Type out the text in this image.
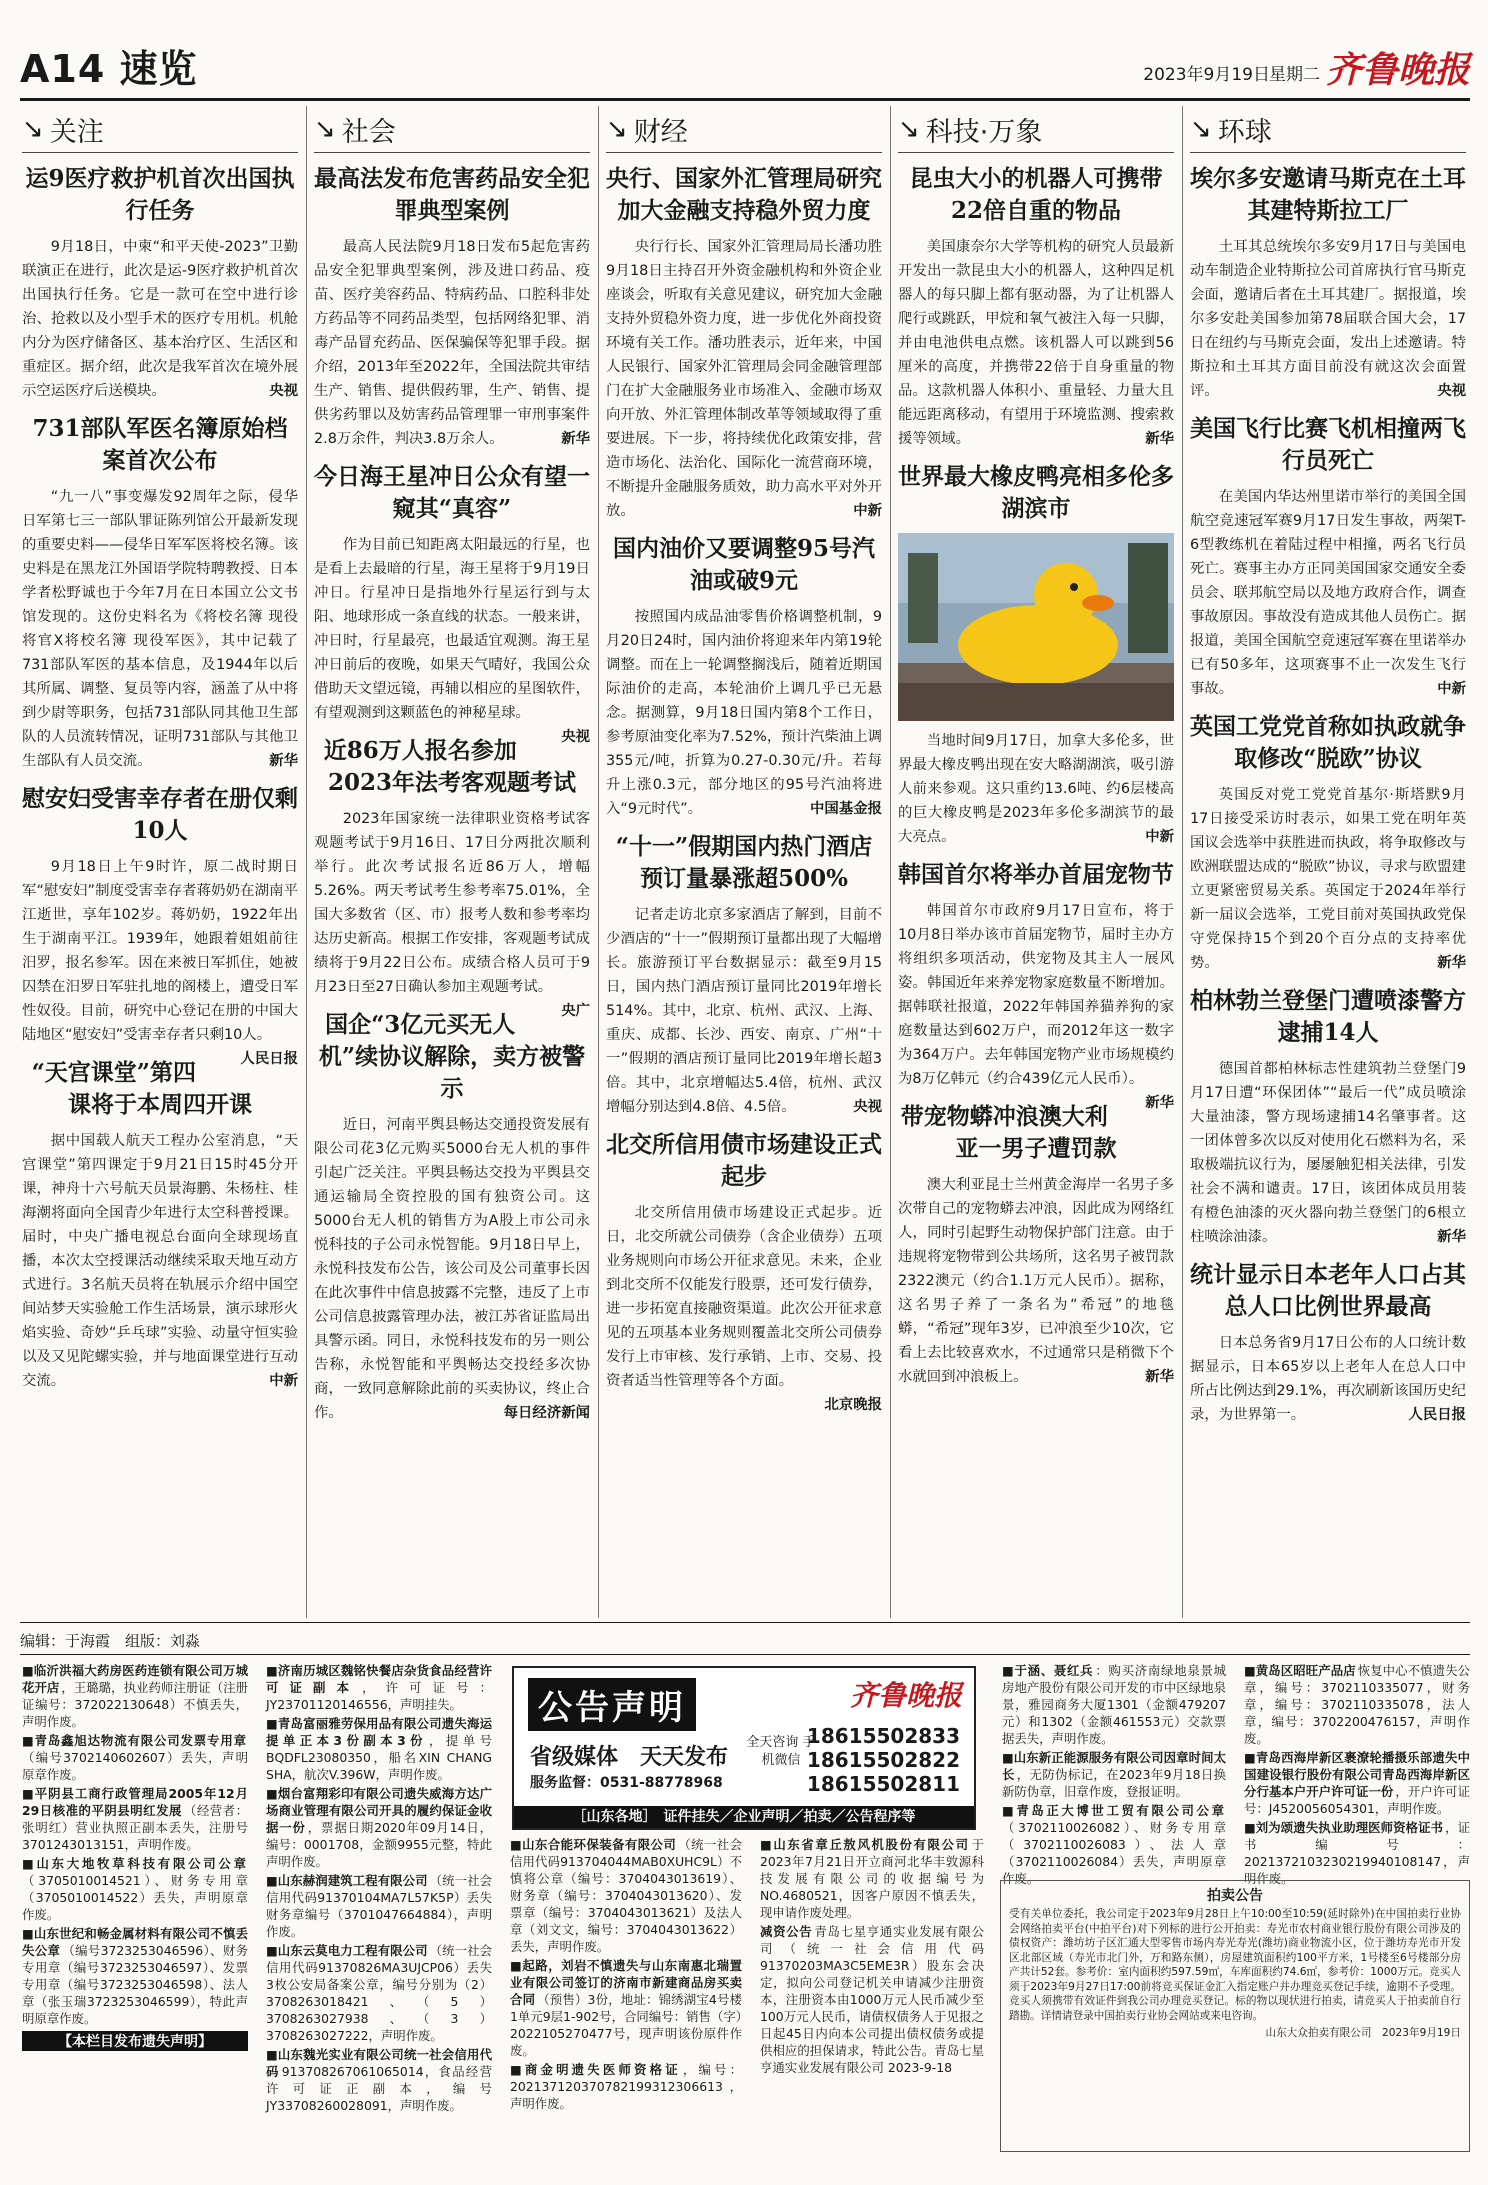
A14 速览	2023年9月19日 星期二 齐鲁晚报
↘ 关注
运9医疗救护机首次出国执行任务

9月18日，中柬“和平天使-2023”卫勤联演正在进行，此次是运-9医疗救护机首次出国执行任务。它是一款可在空中进行诊治、抢救以及小型手术的医疗专用机。机舱内分为医疗储备区、基本治疗区、生活区和重症区。据介绍，此次是我军首次在境外展示空运医疗后送模块。	央视

731部队军医名簿原始档案首次公布

“九一八”事变爆发92周年之际，侵华日军第七三一部队罪证陈列馆公开最新发现的重要史料——侵华日军军医将校名簿。该史料是在黑龙江外国语学院特聘教授、日本学者松野诚也于今年7月在日本国立公文书馆发现的。这份史料名为《将校名簿 现役将官X将校名簿 现役军医》，其中记载了731部队军医的基本信息，及1944年以后其所属、调整、复员等内容，涵盖了从中将到少尉等职务，包括731部队同其他卫生部队的人员流转情况，证明731部队与其他卫生部队有人员交流。	新华

慰安妇受害幸存者在册仅剩10人

9月18日上午9时许，原二战时期日军“慰安妇”制度受害幸存者蒋奶奶在湖南平江逝世，享年102岁。蒋奶奶，1922年出生于湖南平江。1939年，她跟着姐姐前往汨罗，报名参军。因在来被日军抓住，她被囚禁在汨罗日军驻扎地的阁楼上，遭受日军性奴役。目前，研究中心登记在册的中国大陆地区“慰安妇”受害幸存者只剩10人。
人民日报

“天宫课堂”第四课将于本周四开课

据中国载人航天工程办公室消息，“天宫课堂”第四课定于9月21日15时45分开课，神舟十六号航天员景海鹏、朱杨柱、桂海潮将面向全国青少年进行太空科普授课。届时，中央广播电视总台面向全球现场直播，本次太空授课活动继续采取天地互动方式进行。3名航天员将在轨展示介绍中国空间站梦天实验舱工作生活场景，演示球形火焰实验、奇妙“乒乓球”实验、动量守恒实验以及又见陀螺实验，并与地面课堂进行互动交流。	中新

↘ 社会
最高法发布危害药品安全犯罪典型案例

最高人民法院9月18日发布5起危害药品安全犯罪典型案例，涉及进口药品、疫苗、医疗美容药品、特病药品、口腔科非处方药品等不同药品类型，包括网络犯罪、消毒产品冒充药品、医保骗保等犯罪手段。据介绍，2013年至2022年，全国法院共审结生产、销售、提供假药罪，生产、销售、提供劣药罪以及妨害药品管理罪一审刑事案件2.8万余件，判决3.8万余人。	新华

今日海王星冲日公众有望一窥其“真容”

作为目前已知距离太阳最远的行星，也是看上去最暗的行星，海王星将于9月19日冲日。行星冲日是指地外行星运行到与太阳、地球形成一条直线的状态。一般来讲，冲日时，行星最亮，也最适宜观测。海王星冲日前后的夜晚，如果天气晴好，我国公众借助天文望远镜，再辅以相应的星图软件，有望观测到这颗蓝色的神秘星球。
央视

近86万人报名参加2023年法考客观题考试

2023年国家统一法律职业资格考试客观题考试于9月16日、17日分两批次顺利举行。此次考试报名近86万人，增幅5.26%。两天考试考生参考率75.01%，全国大多数省（区、市）报考人数和参考率均达历史新高。根据工作安排，客观题考试成绩将于9月22日公布。成绩合格人员可于9月23日至27日确认参加主观题考试。
央广

国企“3亿元买无人机”续协议解除，卖方被警示

近日，河南平舆县畅达交通投资发展有限公司花3亿元购买5000台无人机的事件引起广泛关注。平舆县畅达交投为平舆县交通运输局全资控股的国有独资公司。这5000台无人机的销售方为A股上市公司永悦科技的子公司永悦智能。9月18日早上，永悦科技发布公告，该公司及公司董事长因在此次事件中信息披露不完整，违反了上市公司信息披露管理办法，被江苏省证监局出具警示函。同日，永悦科技发布的另一则公告称，永悦智能和平舆畅达交投经多次协商，一致同意解除此前的买卖协议，终止合作。	每日经济新闻

↘ 财经
央行、国家外汇管理局研究加大金融支持稳外贸力度

央行行长、国家外汇管理局局长潘功胜9月18日主持召开外资金融机构和外资企业座谈会，听取有关意见建议，研究加大金融支持外贸稳外资力度，进一步优化外商投资环境有关工作。潘功胜表示，近年来，中国人民银行、国家外汇管理局会同金融管理部门在扩大金融服务业市场准入、金融市场双向开放、外汇管理体制改革等领域取得了重要进展。下一步，将持续优化政策安排，营造市场化、法治化、国际化一流营商环境，不断提升金融服务质效，助力高水平对外开放。	中新

国内油价又要调整95号汽油或破9元

按照国内成品油零售价格调整机制，9月20日24时，国内油价将迎来年内第19轮调整。而在上一轮调整搁浅后，随着近期国际油价的走高，本轮油价上调几乎已无悬念。据测算，9月18日国内第8个工作日，参考原油变化率为7.52%，预计汽柴油上调355元/吨，折算为0.27-0.30元/升。若每升上涨0.3元，部分地区的95号汽油将进入“9元时代”。	中国基金报

“十一”假期国内热门酒店预订量暴涨超500%

记者走访北京多家酒店了解到，目前不少酒店的“十一”假期预订量都出现了大幅增长。旅游预订平台数据显示：截至9月15日，国内热门酒店预订量同比2019年增长514%。其中，北京、杭州、武汉、上海、重庆、成都、长沙、西安、南京、广州“十一”假期的酒店预订量同比2019年增长超3倍。其中，北京增幅达5.4倍，杭州、武汉增幅分别达到4.8倍、4.5倍。	央视

北交所信用债市场建设正式起步

北交所信用债市场建设正式起步。近日，北交所就公司债券（含企业债券）五项业务规则向市场公开征求意见。未来，企业到北交所不仅能发行股票，还可发行债券，进一步拓宽直接融资渠道。此次公开征求意见的五项基本业务规则覆盖北交所公司债券发行上市审核、发行承销、上市、交易、投资者适当性管理等各个方面。
北京晚报

↘ 科技·万象
昆虫大小的机器人可携带22倍自重的物品

美国康奈尔大学等机构的研究人员最新开发出一款昆虫大小的机器人，这种四足机器人的每只脚上都有驱动器，为了让机器人爬行或跳跃，甲烷和氧气被注入每一只脚，并由电池供电点燃。该机器人可以跳到56厘米的高度，并携带22倍于自身重量的物品。这款机器人体积小、重量轻、力量大且能远距离移动，有望用于环境监测、搜索救援等领域。	新华

世界最大橡皮鸭亮相多伦多湖滨市

当地时间9月17日，加拿大多伦多，世界最大橡皮鸭出现在安大略湖湖滨，吸引游人前来参观。这只重约13.6吨、约6层楼高的巨大橡皮鸭是2023年多伦多湖滨节的最大亮点。	中新

韩国首尔将举办首届宠物节

韩国首尔市政府9月17日宣布，将于10月8日举办该市首届宠物节，届时主办方将组织多项活动，供宠物及其主人一展风姿。韩国近年来养宠物家庭数量不断增加。据韩联社报道，2022年韩国养猫养狗的家庭数量达到602万户，而2012年这一数字为364万户。去年韩国宠物产业市场规模约为8万亿韩元（约合439亿元人民币）。
新华

带宠物蟒冲浪澳大利亚一男子遭罚款

澳大利亚昆士兰州黄金海岸一名男子多次带自己的宠物蟒去冲浪，因此成为网络红人，同时引起野生动物保护部门注意。由于违规将宠物带到公共场所，这名男子被罚款2322澳元（约合1.1万元人民币）。据称，这名男子养了一条名为“希冠”的地毯蟒，“希冠”现年3岁，已冲浪至少10次，它看上去比较喜欢水，不过通常只是稍微下个水就回到冲浪板上。	新华

↘ 环球
埃尔多安邀请马斯克在土耳其建特斯拉工厂

土耳其总统埃尔多安9月17日与美国电动车制造企业特斯拉公司首席执行官马斯克会面，邀请后者在土耳其建厂。据报道，埃尔多安赴美国参加第78届联合国大会，17日在纽约与马斯克会面，发出上述邀请。特斯拉和土耳其方面目前没有就这次会面置评。	央视

美国飞行比赛飞机相撞两飞行员死亡

在美国内华达州里诺市举行的美国全国航空竞速冠军赛9月17日发生事故，两架T-6型教练机在着陆过程中相撞，两名飞行员死亡。赛事主办方正同美国国家交通安全委员会、联邦航空局以及地方政府合作，调查事故原因。事故没有造成其他人员伤亡。据报道，美国全国航空竞速冠军赛在里诺举办已有50多年，这项赛事不止一次发生飞行事故。	中新

英国工党党首称如执政就争取修改“脱欧”协议

英国反对党工党党首基尔·斯塔默9月17日接受采访时表示，如果工党在明年英国议会选举中获胜进而执政，将争取修改与欧洲联盟达成的“脱欧”协议，寻求与欧盟建立更紧密贸易关系。英国定于2024年举行新一届议会选举，工党目前对英国执政党保守党保持15个到20个百分点的支持率优势。	新华

柏林勃兰登堡门遭喷漆警方逮捕14人

德国首都柏林标志性建筑勃兰登堡门9月17日遭“环保团体”“最后一代”成员喷涂大量油漆，警方现场逮捕14名肇事者。这一团体曾多次以反对使用化石燃料为名，采取极端抗议行为，屡屡触犯相关法律，引发社会不满和谴责。17日，该团体成员用装有橙色油漆的灭火器向勃兰登堡门的6根立柱喷涂油漆。	新华

统计显示日本老年人口占其总人口比例世界最高

日本总务省9月17日公布的人口统计数据显示，日本65岁以上老年人在总人口中所占比例达到29.1%，再次刷新该国历史纪录，为世界第一。	人民日报

编辑：于海霞　组版：刘淼

■临沂洪福大药房医药连锁有限公司万城花开店 ，王璐璐，执业药师注册证（注册证编号：372022130648）不慎丢失，声明作废。

■青岛鑫旭达物流有限公司发票专用章（编号3702140602607）丢失，声明原章作废。

■平阴县工商行政管理局2005年12月29日核准的平阴县明红发展 （经营者：张明红）营业执照正副本丢失，注册号3701243013151，声明作废。

■山东大地牧草科技有限公司公章（3705010014521）、财务专用章（3705010014522）丢失，声明原章作废。

■山东世纪和畅金属材料有限公司不慎丢失公章 （编号3723253046596）、财务专用章（编号3723253046597）、发票专用章（编号3723253046598）、法人章（张玉瑞3723253046599），特此声明原章作废。

【本栏目发布遗失声明】

■济南历城区魏铭快餐店杂货食品经营许可证副本 ，许可证号：JY23701120146556，声明挂失。

■青岛富丽雅劳保用品有限公司遗失海运提单正本3份副本3份 ，提单号BQDFL23080350，船名XIN CHANG SHA，航次V.396W，声明作废。

■烟台富翔彩印有限公司遗失威海方达广场商业管理有限公司开具的履约保证金收据一份 ，票据日期2020年09月14日，编号：0001708，金额9955元整，特此声明作废。

■山东赫润建筑工程有限公司 （统一社会信用代码91370104MA7L57K5P）丢失财务章编号（3701047664884），声明作废。

■山东云莫电力工程有限公司 （统一社会信用代码91370826MA3UJCP06）丢失3枚公安局备案公章，编号分别为（2）3708263018421、（5）3708263027938、（3）3708263027222，声明作废。

■山东魏光实业有限公司统一社会信用代码 913708267061065014，食品经营许可证正副本，编号JY33708260028091，声明作废。

■山东合能环保装备有限公司 （统一社会信用代码913704044MAB0XUHC9L）不慎将公章（编号：3704043013619）、财务章（编号：3704043013620）、发票章（编号：3704043013621）及法人章（刘文文，编号：3704043013622）丢失，声明作废。

■起路，刘岩不慎遗失与山东南惠北瑞置业有限公司签订的济南市新建商品房买卖合同 （预售）3份，地址：锦绣湖宝4号楼1单元9层1-902号，合同编号：销售（字）2022105270477号，现声明该份原件作废。

■商金明遗失医师资格证 ，编号：202137120370782199312306613，声明作废。

■山东省章丘敖风机股份有限公司 于2023年7月21日开立商河北华丰敦源科技发展有限公司的收据编号为NO.4680521，因客户原因不慎丢失，现申请作废处理。

减资公告 青岛七星亨通实业发展有限公司（统一社会信用代码91370203MA3C5EME3R）股东会决定，拟向公司登记机关申请减少注册资本，注册资本由1000万元人民币减少至100万元人民币，请债权债务人于见报之日起45日内向本公司提出债权债务或提供相应的担保请求，特此公告。青岛七星亨通实业发展有限公司 2023-9-18

■于涵、聂红兵 ：购买济南绿地泉景城房地产股份有限公司开发的市中区绿地泉景，雅园商务大厦1301（金额479207元）和1302（金额461553元）交款票据丢失，声明作废。

■山东新正能源服务有限公司因章时间太长 ，无防伪标记，在2023年9月18日换新防伪章，旧章作废，登报证明。

■青岛正大博世工贸有限公司公章（3702110026082）、财务专用章（3702110026083）、法人章（3702110026084）丢失，声明原章作废。

■黄岛区昭旺产品店 恢复中心不慎遗失公章，编号：3702110335077，财务章，编号：3702110335078，法人章，编号：3702200476157，声明作废。

■青岛西海岸新区裹潦轮播摄乐部遗失中国建设银行股份有限公司青岛西海岸新区分行基本户开户许可证一份 ，开户许可证号：J4520056054301，声明作废。

■刘为颂遗失执业助理医师资格证书 ，证书编号：2021372103230219940108147，声明作废。

公告声明	齐鲁晚报
省级媒体　天天发布
服务监督：0531-88778968
全天咨询 手机微信
18615502833
18615502822
18615502811
［山东各地］　证件挂失／企业声明／拍卖／公告程序等
拍卖公告

受有关单位委托，我公司定于2023年9月28日上午10:00至10:59(延时除外)在中国拍卖行业协会网络拍卖平台(中拍平台)对下列标的进行公开拍卖：寿光市农村商业银行股份有限公司涉及的债权资产：潍坊坊子区汇通大型零售市场内寿光寿光(潍坊)商业物流小区，位于潍坊寿光市开发区北部区域（寿光市北门外，万和路东侧），房屋建筑面积约100平方米，1号楼至6号楼部分房产共计52套。参考价：室内面积约597.59㎡，车库面积约74.6㎡，参考价：1000万元。竞买人须于2023年9月27日17:00前将竞买保证金汇入指定账户并办理竞买登记手续，逾期不予受理。竞买人须携带有效证件到我公司办理竞买登记。标的物以现状进行拍卖，请竞买人于拍卖前自行踏勘。详情请登录中国拍卖行业协会网站或来电咨询。

山东大众拍卖有限公司　2023年9月19日
